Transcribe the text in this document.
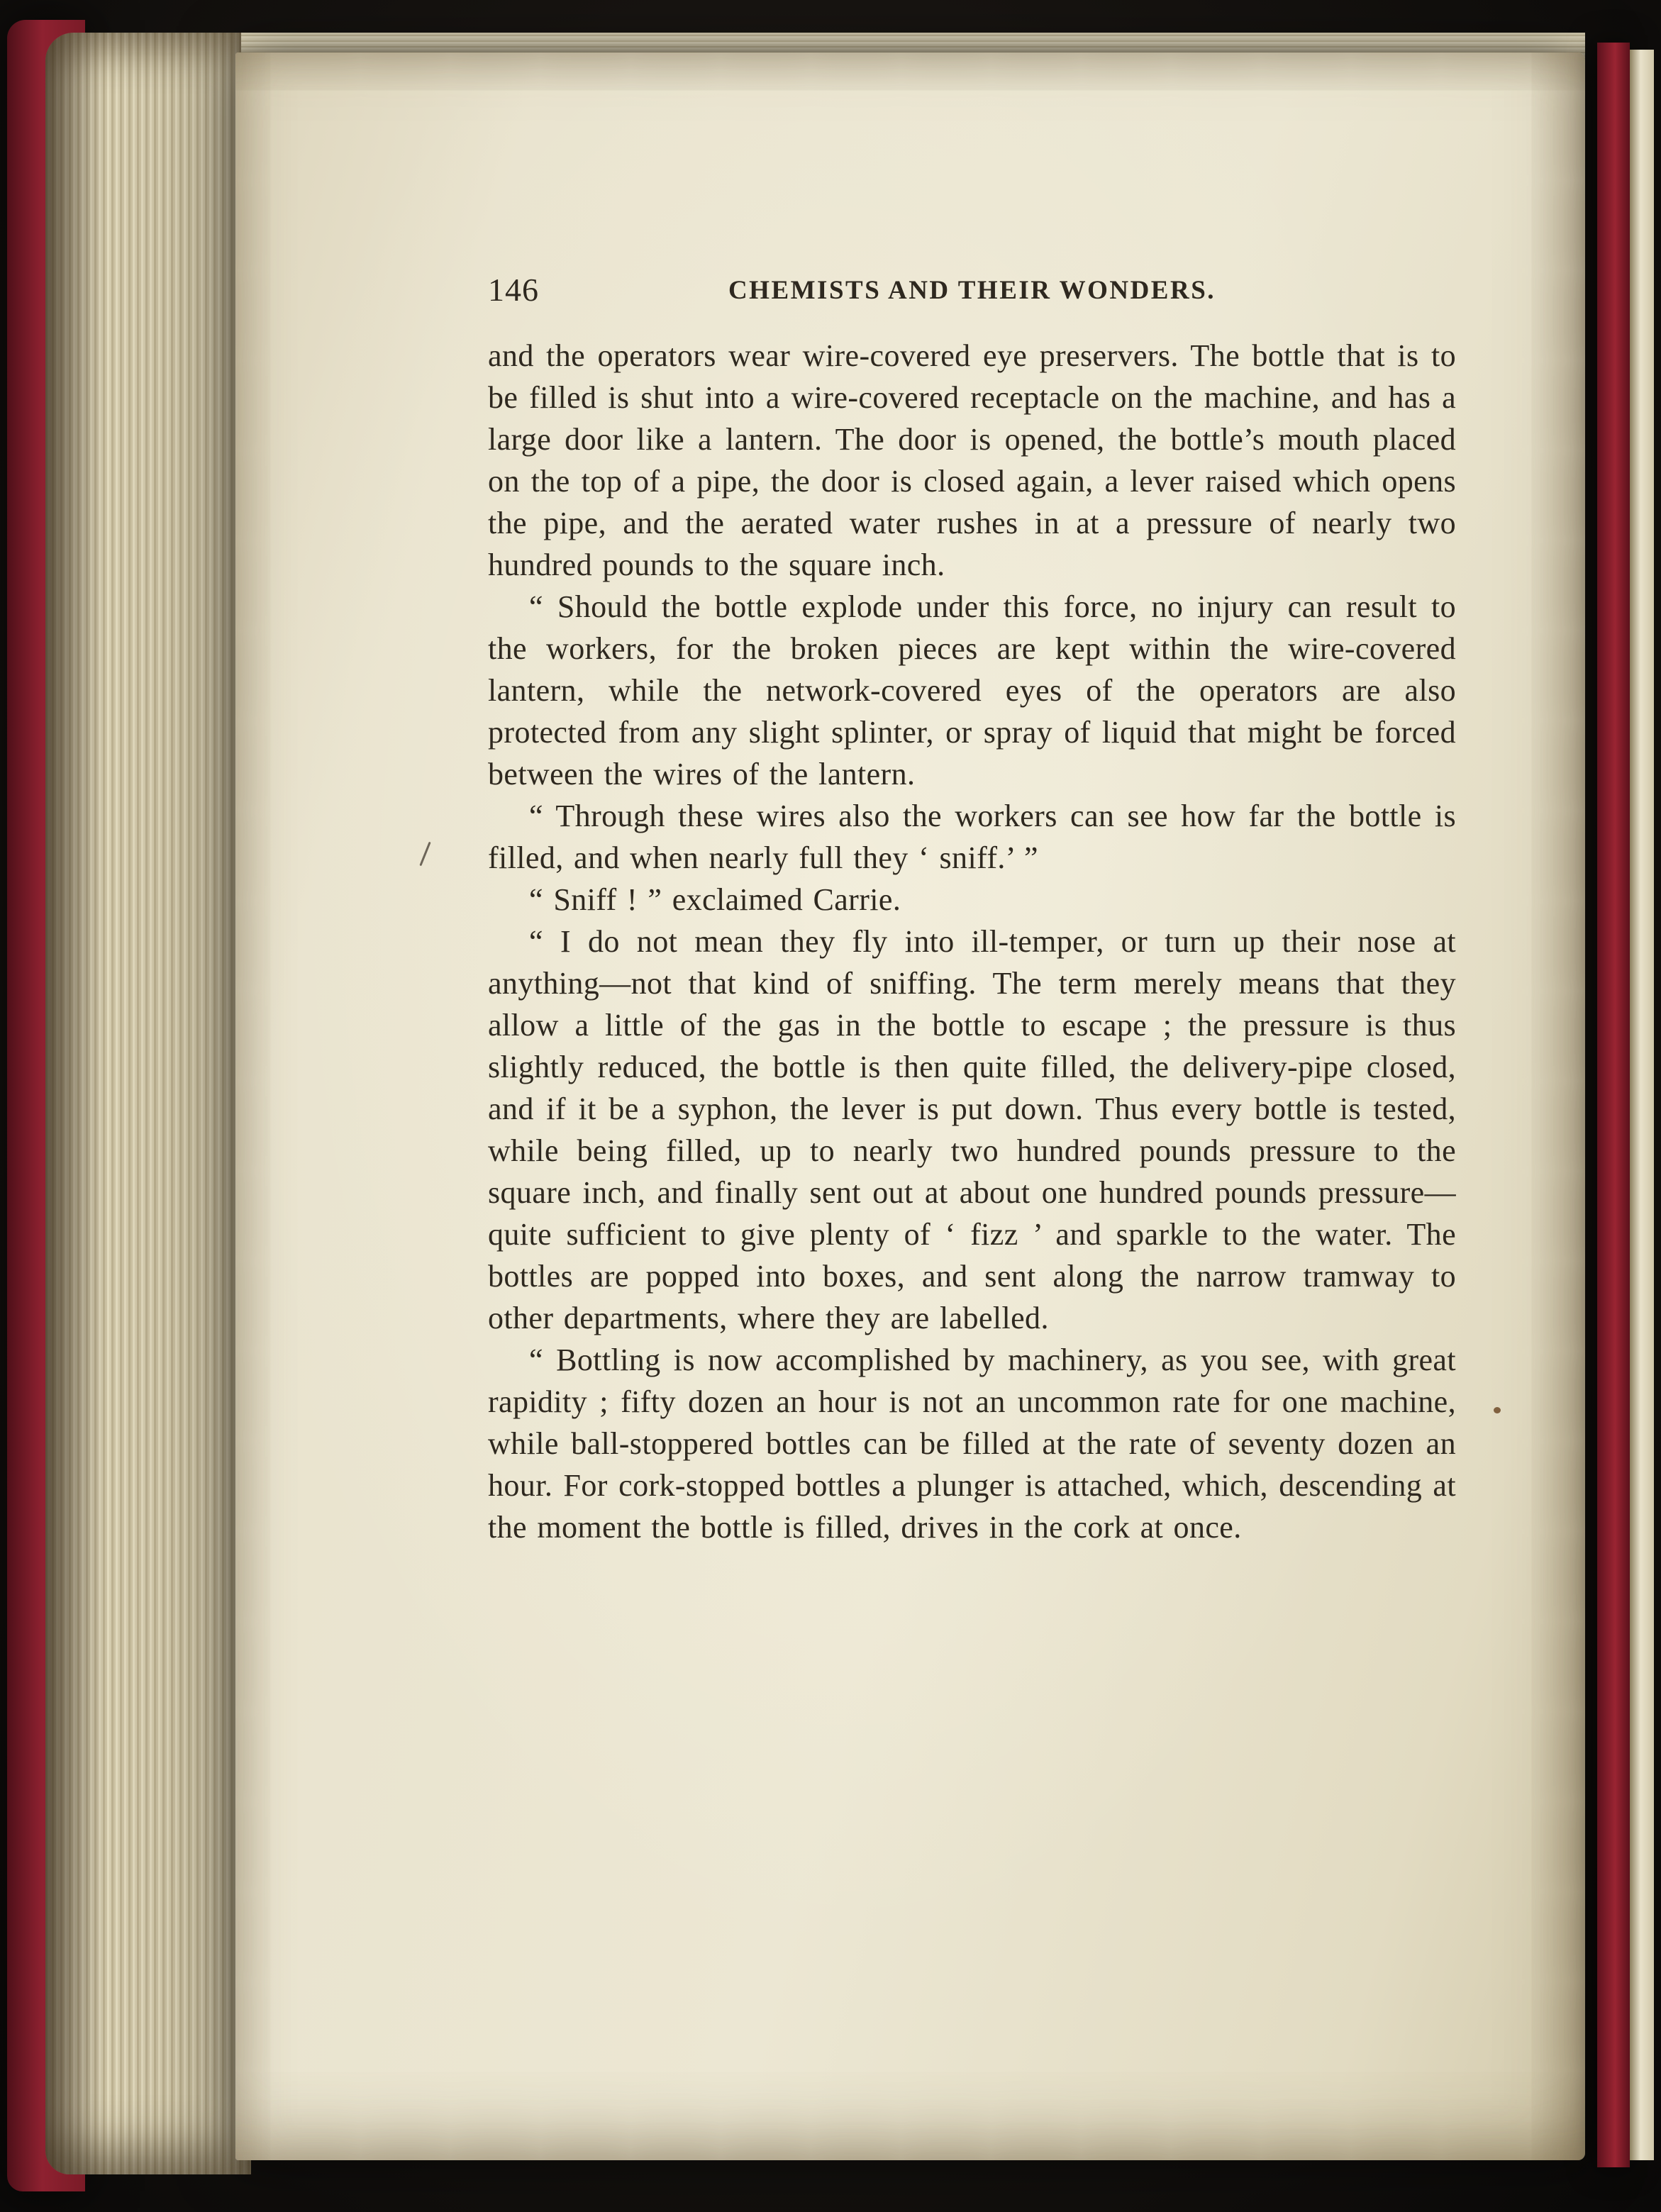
146	CHEMISTS AND THEIR WONDERS.

and the operators wear wire-covered eye preservers. The bottle that is to be filled is shut into a wire-covered receptacle on the machine, and has a large door like a lantern. The door is opened, the bottle’s mouth placed on the top of a pipe, the door is closed again, a lever raised which opens the pipe, and the aerated water rushes in at a pressure of nearly two hundred pounds to the square inch.

“ Should the bottle explode under this force, no injury can result to the workers, for the broken pieces are kept within the wire-covered lantern, while the network-covered eyes of the operators are also protected from any slight splinter, or spray of liquid that might be forced between the wires of the lantern.

“ Through these wires also the workers can see how far the bottle is filled, and when nearly full they ‘ sniff.’ ”

“ Sniff ! ” exclaimed Carrie.

“ I do not mean they fly into ill-temper, or turn up their nose at anything—not that kind of sniffing. The term merely means that they allow a little of the gas in the bottle to escape ; the pressure is thus slightly reduced, the bottle is then quite filled, the delivery-pipe closed, and if it be a syphon, the lever is put down. Thus every bottle is tested, while being filled, up to nearly two hundred pounds pressure to the square inch, and finally sent out at about one hundred pounds pressure—quite sufficient to give plenty of ‘ fizz ’ and sparkle to the water. The bottles are popped into boxes, and sent along the narrow tramway to other departments, where they are labelled.

“ Bottling is now accomplished by machinery, as you see, with great rapidity ; fifty dozen an hour is not an uncommon rate for one machine, while ball-stoppered bottles can be filled at the rate of seventy dozen an hour. For cork-stopped bottles a plunger is attached, which, descending at the moment the bottle is filled, drives in the cork at once.
